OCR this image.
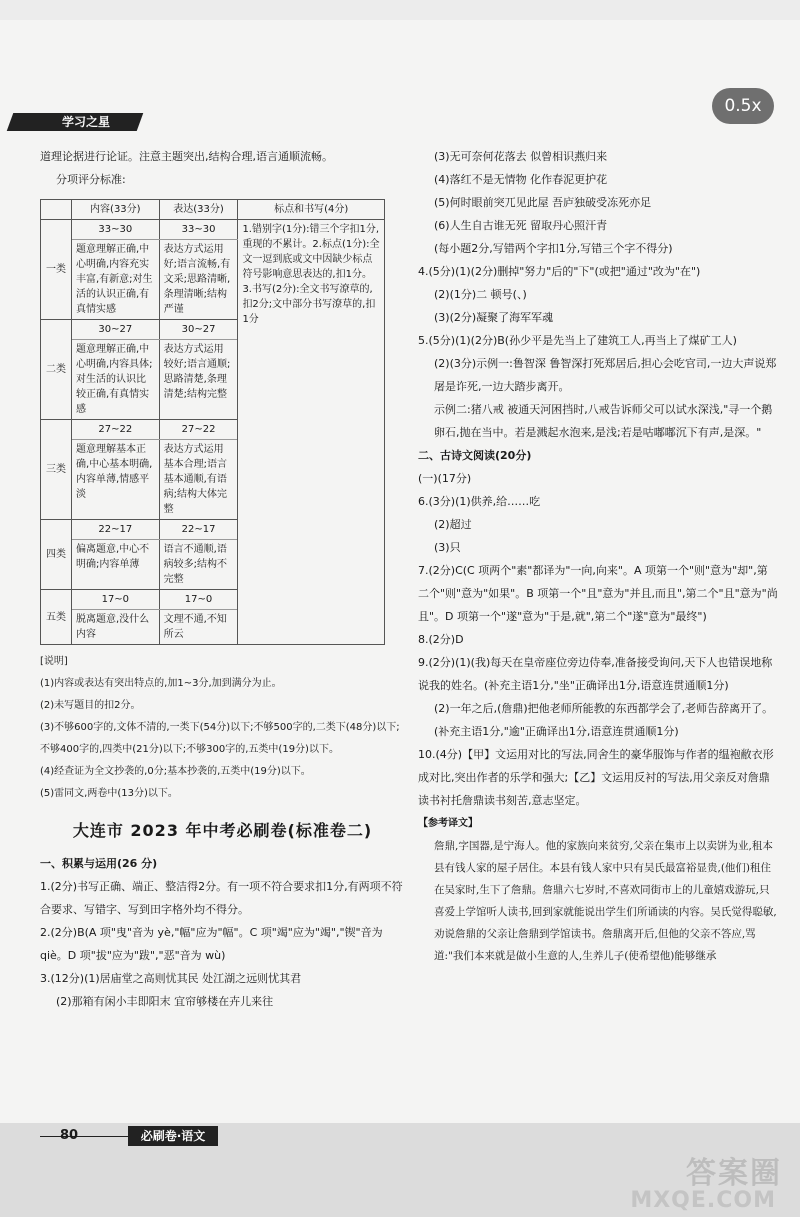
0.5x
学习之星

道理论据进行论证。注意主题突出,结构合理,语言通顺流畅。

分项评分标准:

	内容(33分)	表达(33分)	标点和书写(4分)
一类	33~30	33~30	1.错别字(1分):错三个字扣1分,重现的不累计。2.标点(1分):全文一逗到底或文中因缺少标点符号影响意思表达的,扣1分。3.书写(2分):全文书写潦草的,扣2分;文中部分书写潦草的,扣1分
	题意理解正确,中心明确,内容充实丰富,有新意;对生活的认识正确,有真情实感	表达方式运用好;语言流畅,有文采;思路清晰,条理清晰;结构严谨	
二类	30~27	30~27	
	题意理解正确,中心明确,内容具体;对生活的认识比较正确,有真情实感	表达方式运用较好;语言通顺;思路清楚,条理清楚;结构完整	
三类	27~22	27~22	
	题意理解基本正确,中心基本明确,内容单薄,情感平淡	表达方式运用基本合理;语言基本通顺,有语病;结构大体完整	
四类	22~17	22~17	
	偏离题意,中心不明确;内容单薄	语言不通顺,语病较多;结构不完整	
五类	17~0	17~0	
	脱离题意,没什么内容	文理不通,不知所云	

[说明]

(1)内容或表达有突出特点的,加1~3分,加到满分为止。

(2)未写题目的扣2分。

(3)不够600字的,文体不清的,一类下(54分)以下;不够500字的,二类下(48分)以下;不够400字的,四类中(21分)以下;不够300字的,五类中(19分)以下。

(4)经查证为全文抄袭的,0分;基本抄袭的,五类中(19分)以下。

(5)雷同文,两卷中(13分)以下。

大连市 2023 年中考必刷卷(标准卷二)

一、积累与运用(26 分)

1.(2分)书写正确、端正、整洁得2分。有一项不符合要求扣1分,有两项不符合要求、写错字、写到田字格外均不得分。

2.(2分)B(A 项"曳"音为 yè,"幅"应为"幅"。C 项"竭"应为"竭","锲"音为 qiè。D 项"拔"应为"跋","恶"音为 wù)

3.(12分)(1)居庙堂之高则忧其民 处江湖之远则忧其君

(2)那箱有闲小丰即阳末 宜帘够楼在卉儿来往

(3)无可奈何花落去 似曾相识燕归来

(4)落红不是无情物 化作春泥更护花

(5)何时眼前突兀见此屋 吾庐独破受冻死亦足

(6)人生自古谁无死 留取丹心照汗青

(每小题2分,写错两个字扣1分,写错三个字不得分)

4.(5分)(1)(2分)删掉"努力"后的"下"(或把"通过"改为"在")

(2)(1分)二 顿号(、)

(3)(2分)凝聚了海军军魂

5.(5分)(1)(2分)B(孙少平是先当上了建筑工人,再当上了煤矿工人)

(2)(3分)示例一:鲁智深 鲁智深打死郑居后,担心会吃官司,一边大声说郑屠是诈死,一边大踏步离开。

示例二:猪八戒 被通天河困挡时,八戒告诉师父可以试水深浅,"寻一个鹅卵石,抛在当中。若是溅起水泡来,是浅;若是咕嘟嘟沉下有声,是深。"

二、古诗文阅读(20分)

(一)(17分)

6.(3分)(1)供养,给……吃

(2)超过

(3)只

7.(2分)C(C 项两个"素"都译为"一向,向来"。A 项第一个"则"意为"却",第二个"则"意为"如果"。B 项第一个"且"意为"并且,而且",第二个"且"意为"尚且"。D 项第一个"遂"意为"于是,就",第二个"遂"意为"最终")

8.(2分)D

9.(2分)(1)(我)每天在皇帝座位旁边侍奉,准备接受询问,天下人也错误地称说我的姓名。(补充主语1分,"坐"正确译出1分,语意连贯通顺1分)

(2)一年之后,(詹鼎)把他老师所能教的东西都学会了,老师告辞离开了。(补充主语1分,"逾"正确译出1分,语意连贯通顺1分)

10.(4分)【甲】文运用对比的写法,同舍生的豪华服饰与作者的缊袍敝衣形成对比,突出作者的乐学和强大;【乙】文运用反衬的写法,用父亲反对詹鼎读书衬托詹鼎读书刻苦,意志坚定。

【参考译文】

詹鼎,字国器,是宁海人。他的家族向来贫穷,父亲在集市上以卖饼为业,租本县有钱人家的屋子居住。本县有钱人家中只有吴氏最富裕显贵,(他们)租住在吴家时,生下了詹鼎。詹鼎六七岁时,不喜欢同街市上的儿童嬉戏游玩,只喜爱上学馆听人读书,回到家就能说出学生们所诵读的内容。吴氏觉得聪敏,劝说詹鼎的父亲让詹鼎到学馆读书。詹鼎离开后,但他的父亲不答应,骂道:"我们本来就是做小生意的人,生养儿子(使希望他)能够继承

80	必刷卷·语文
答案圈
MXQE.COM
